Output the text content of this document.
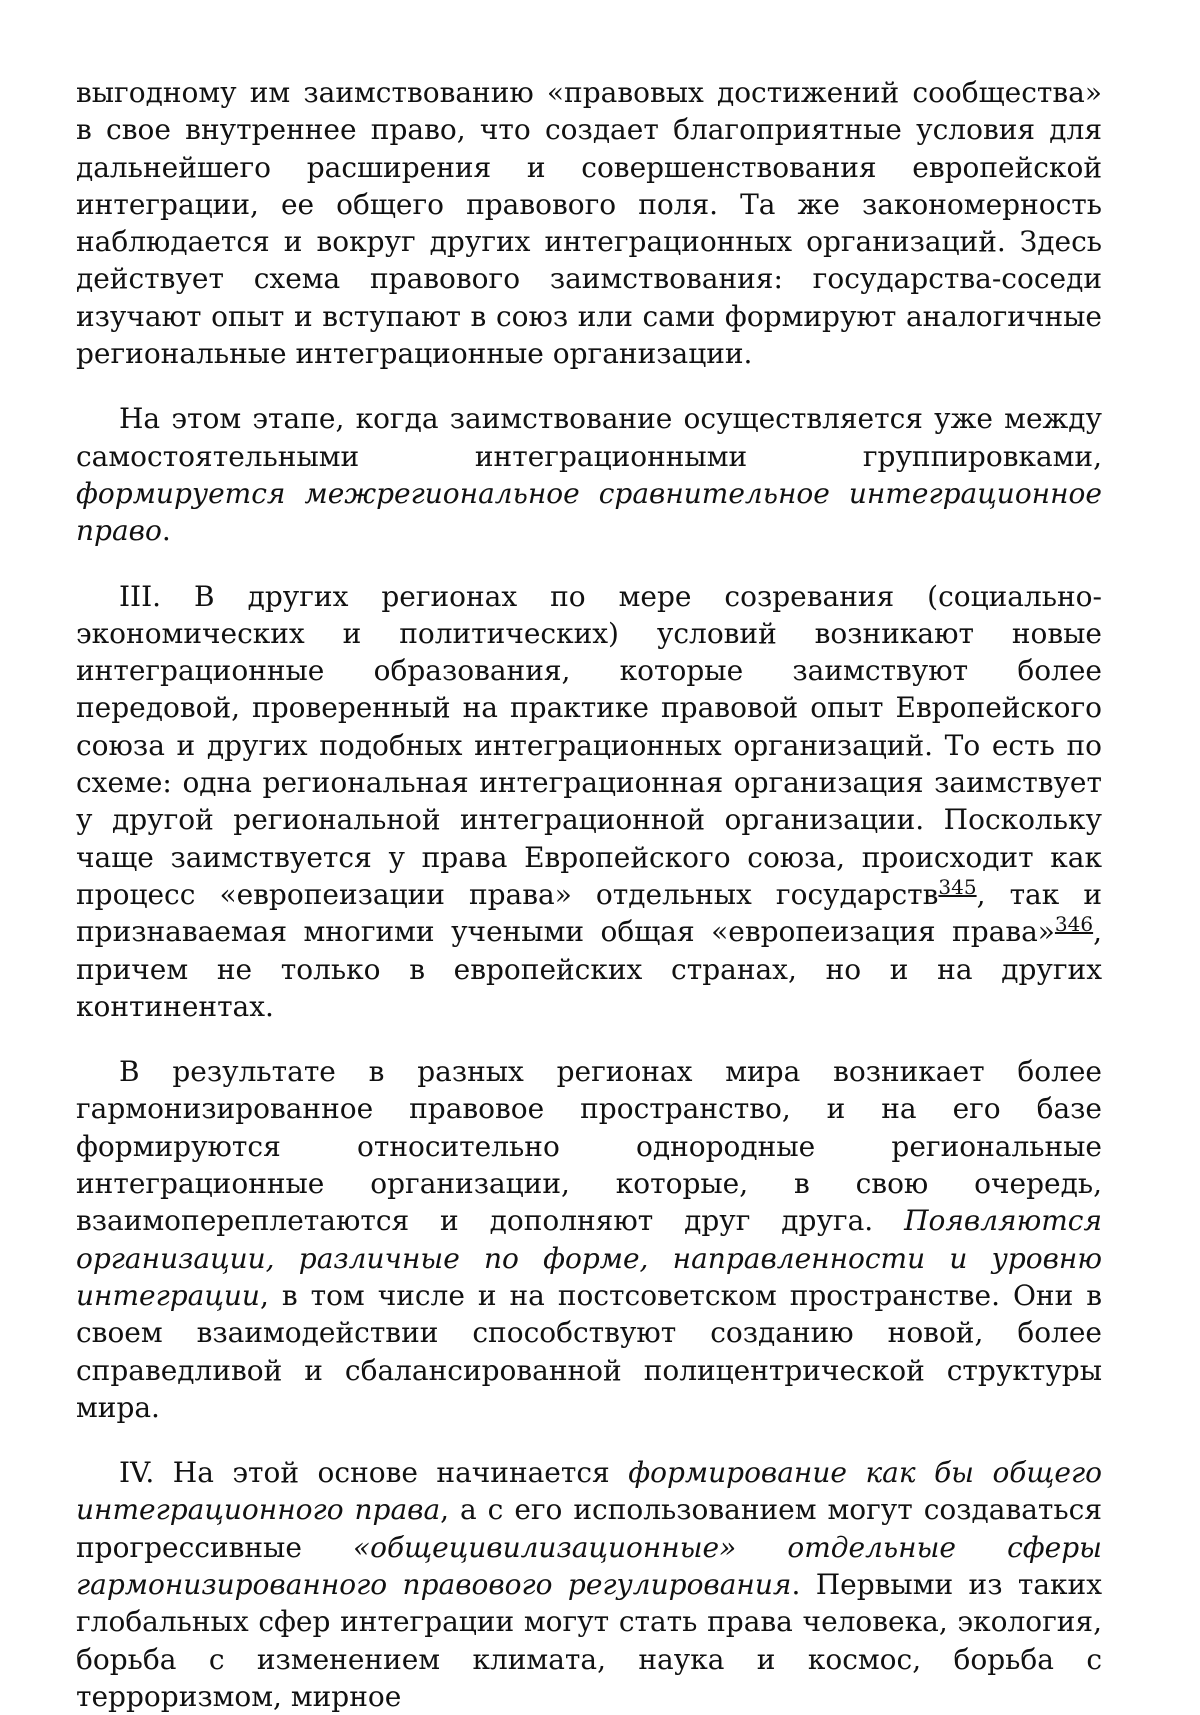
выгодному им заимствованию «правовых достижений сообщества» в свое внутреннее право, что создает благоприятные условия для дальнейшего расширения и совершенствования европейской интеграции, ее общего правового поля. Та же закономерность наблюдается и вокруг других интеграционных организаций. Здесь действует схема правового заимствования: государства-соседи изучают опыт и вступают в союз или сами формируют аналогичные региональные интеграционные организации.

На этом этапе, когда заимствование осуществляется уже между самостоятельными интеграционными группировками, формируется межрегиональное сравнительное интеграционное право.

III. В других регионах по мере созревания (социально-экономических и политических) условий возникают новые интеграционные образования, которые заимствуют более передовой, проверенный на практике правовой опыт Европейского союза и других подобных интеграционных организаций. То есть по схеме: одна региональная интеграционная организация заимствует у другой региональной интеграционной организации. Поскольку чаще заимствуется у права Европейского союза, происходит как процесс «европеизации права» отдельных государств$^{345}$, так и признаваемая многими учеными общая «европеизация права»$^{346}$, причем не только в европейских странах, но и на других континентах.

В результате в разных регионах мира возникает более гармонизированное правовое пространство, и на его базе формируются относительно однородные региональные интеграционные организации, которые, в свою очередь, взаимопереплетаются и дополняют друг друга. Появляются организации, различные по форме, направленности и уровню интеграции, в том числе и на постсоветском пространстве. Они в своем взаимодействии способствуют созданию новой, более справедливой и сбалансированной полицентрической структуры мира.

IV. На этой основе начинается формирование как бы общего интеграционного права, а с его использованием могут создаваться прогрессивные «общецивилизационные» отдельные сферы гармонизированного правового регулирования. Первыми из таких глобальных сфер интеграции могут стать права человека, экология, борьба с изменением климата, наука и космос, борьба с терроризмом, мирное
